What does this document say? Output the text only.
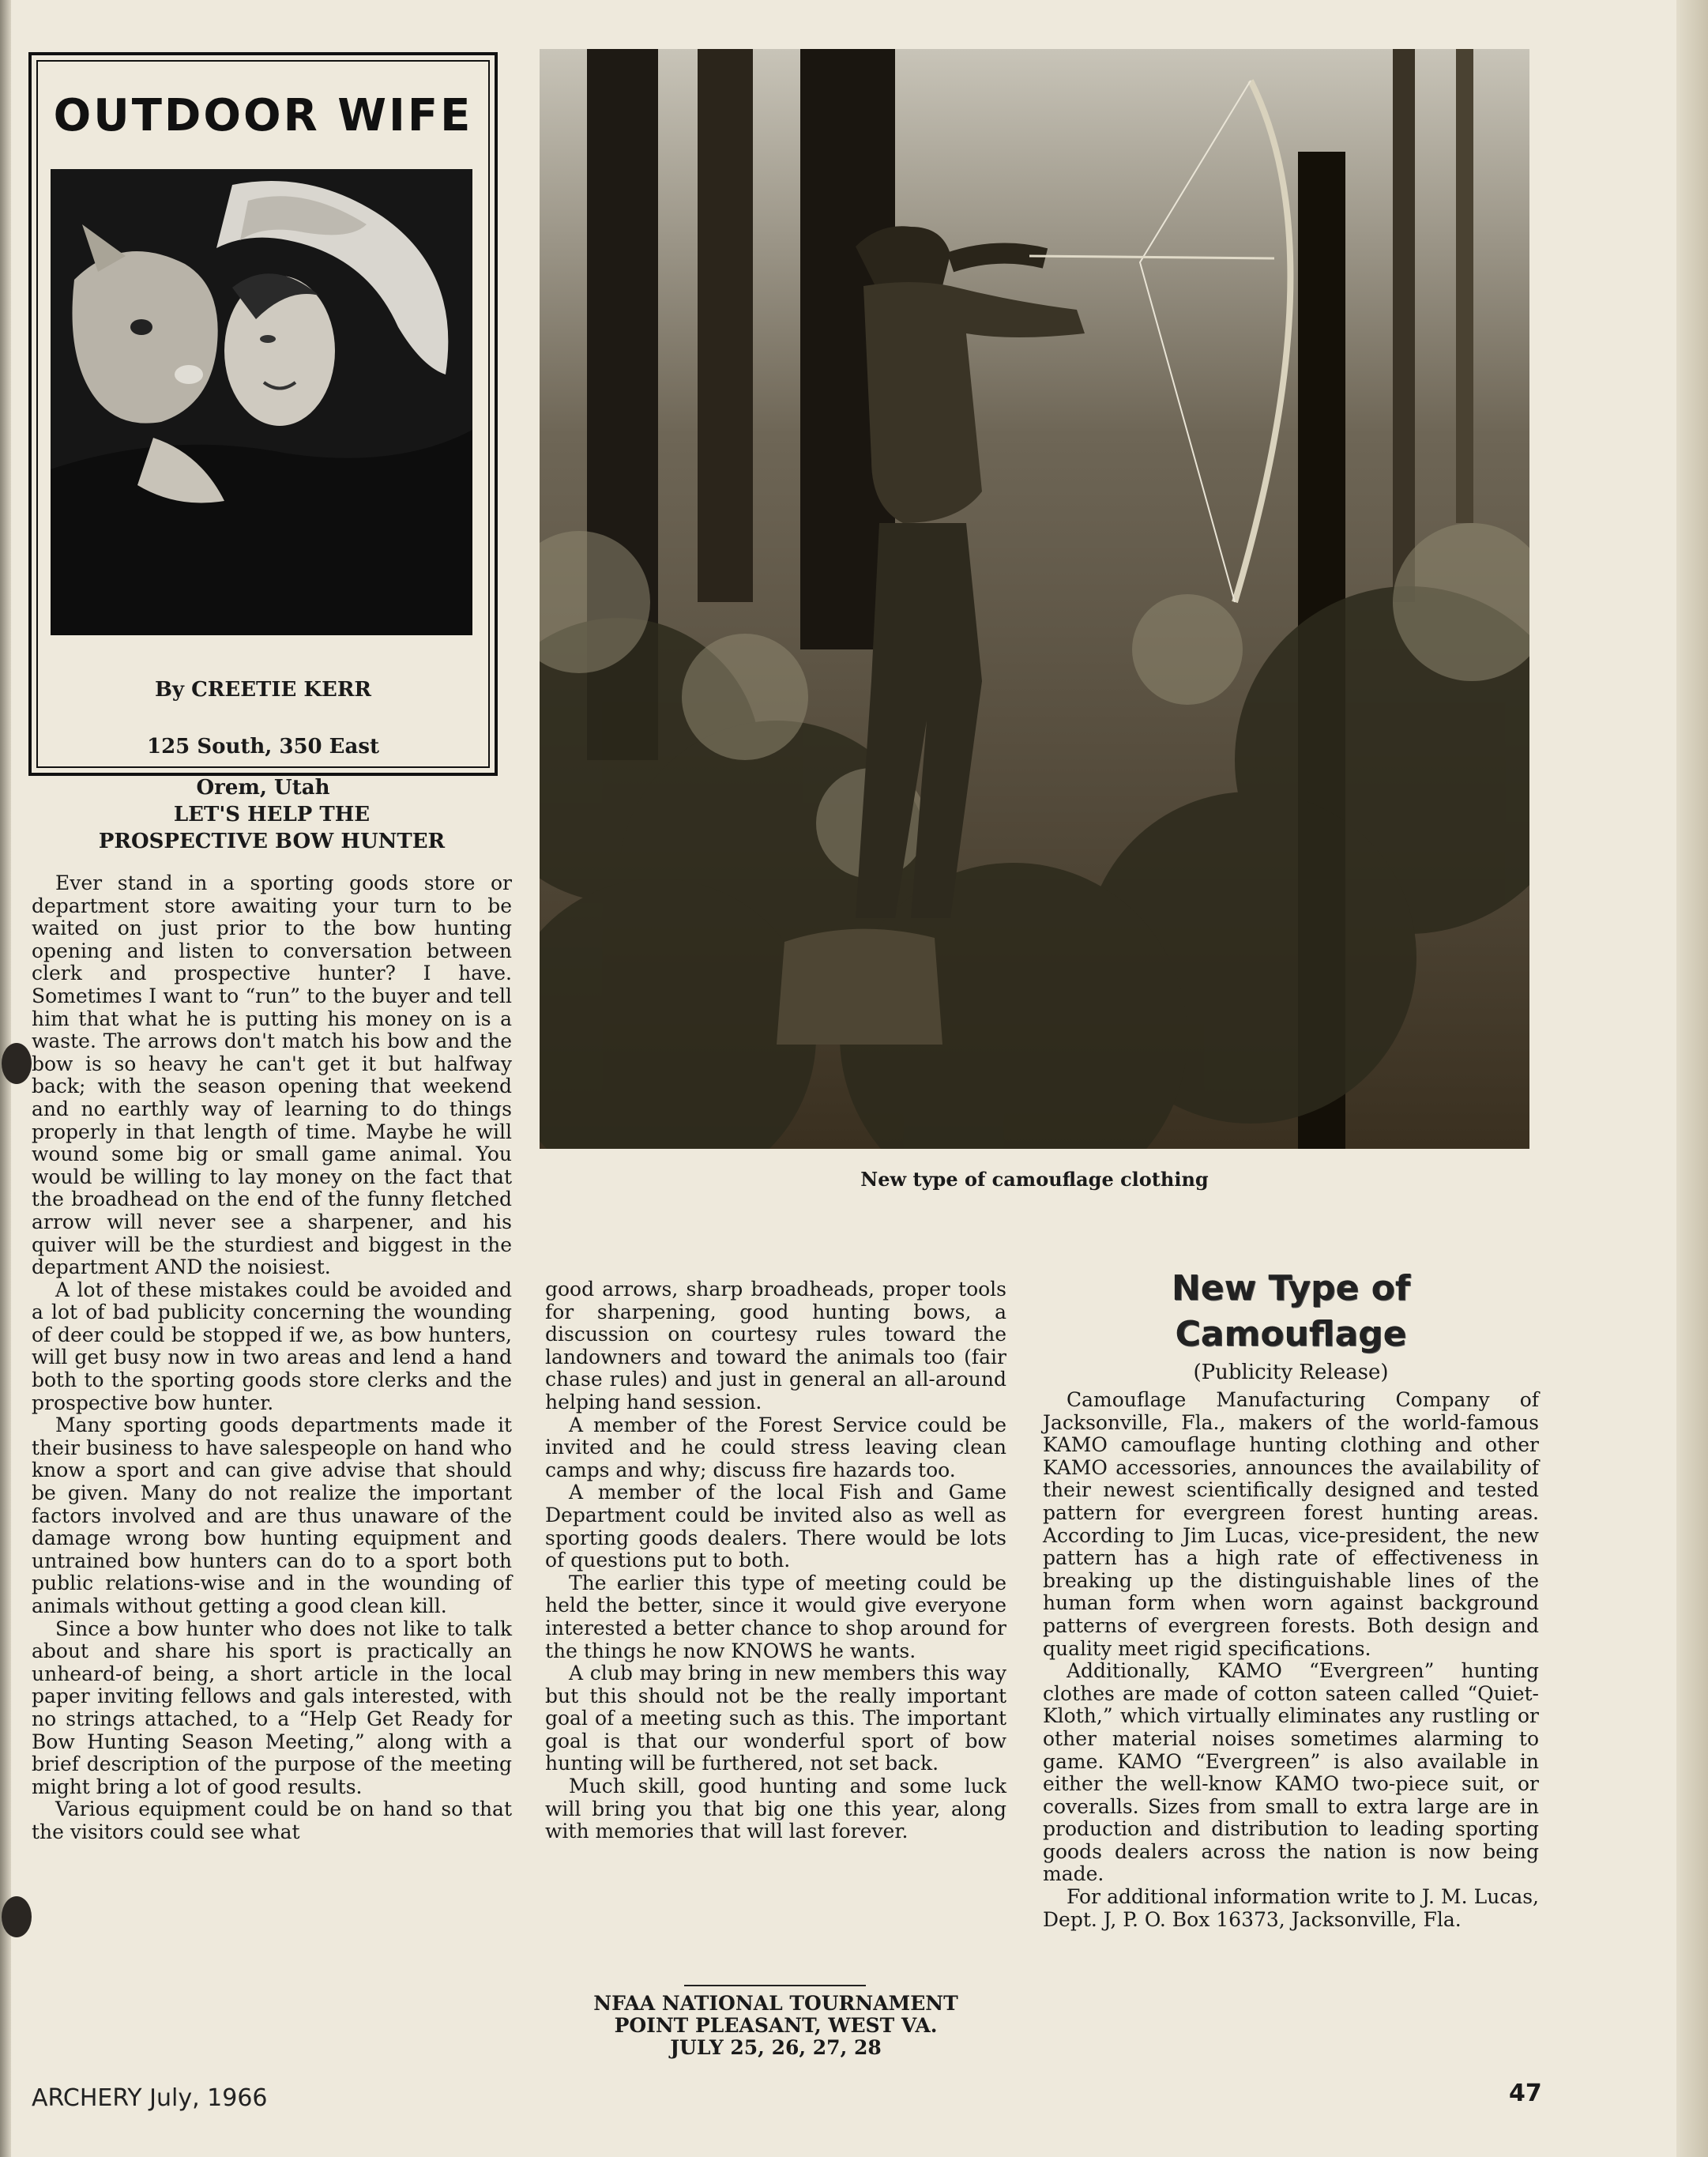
OUTDOOR WIFE
By CREETIE KERR
125 South, 350 East
Orem, Utah
New type of camouflage clothing
LET'S HELP THE
PROSPECTIVE BOW HUNTER

Ever stand in a sporting goods store or department store awaiting your turn to be waited on just prior to the bow hunting opening and listen to conversation between clerk and prospective hunter? I have. Sometimes I want to “run” to the buyer and tell him that what he is putting his money on is a waste. The arrows don't match his bow and the bow is so heavy he can't get it but halfway back; with the season opening that weekend and no earthly way of learning to do things properly in that length of time. Maybe he will wound some big or small game animal. You would be willing to lay money on the fact that the broadhead on the end of the funny fletched arrow will never see a sharpener, and his quiver will be the sturdiest and biggest in the department AND the noisiest.

A lot of these mistakes could be avoided and a lot of bad publicity concerning the wounding of deer could be stopped if we, as bow hunters, will get busy now in two areas and lend a hand both to the sporting goods store clerks and the prospective bow hunter.

Many sporting goods departments made it their business to have salespeople on hand who know a sport and can give advise that should be given. Many do not realize the important factors involved and are thus unaware of the damage wrong bow hunting equipment and untrained bow hunters can do to a sport both public relations-wise and in the wounding of animals without getting a good clean kill.

Since a bow hunter who does not like to talk about and share his sport is practically an unheard-of being, a short article in the local paper inviting fellows and gals interested, with no strings attached, to a “Help Get Ready for Bow Hunting Season Meeting,” along with a brief description of the purpose of the meeting might bring a lot of good results.

Various equipment could be on hand so that the visitors could see what

good arrows, sharp broadheads, proper tools for sharpening, good hunting bows, a discussion on courtesy rules toward the landowners and toward the animals too (fair chase rules) and just in general an all-around helping hand session.

A member of the Forest Service could be invited and he could stress leaving clean camps and why; discuss fire hazards too.

A member of the local Fish and Game Department could be invited also as well as sporting goods dealers. There would be lots of questions put to both.

The earlier this type of meeting could be held the better, since it would give everyone interested a better chance to shop around for the things he now KNOWS he wants.

A club may bring in new members this way but this should not be the really important goal of a meeting such as this. The important goal is that our wonderful sport of bow hunting will be furthered, not set back.

Much skill, good hunting and some luck will bring you that big one this year, along with memories that will last forever.

NFAA NATIONAL TOURNAMENT
POINT PLEASANT, WEST VA.
JULY 25, 26, 27, 28
New Type of
Camouflage
(Publicity Release)

Camouflage Manufacturing Company of Jacksonville, Fla., makers of the world-famous KAMO camouflage hunting clothing and other KAMO accessories, announces the availability of their newest scientifically designed and tested pattern for evergreen forest hunting areas. According to Jim Lucas, vice-president, the new pattern has a high rate of effectiveness in breaking up the distinguishable lines of the human form when worn against background patterns of evergreen forests. Both design and quality meet rigid specifications.

Additionally, KAMO “Evergreen” hunting clothes are made of cotton sateen called “Quiet-Kloth,” which virtually eliminates any rustling or other material noises sometimes alarming to game. KAMO “Evergreen” is also available in either the well-know KAMO two-piece suit, or coveralls. Sizes from small to extra large are in production and distribution to leading sporting goods dealers across the nation is now being made.

For additional information write to J. M. Lucas, Dept. J, P. O. Box 16373, Jacksonville, Fla.

ARCHERY July, 1966	47
